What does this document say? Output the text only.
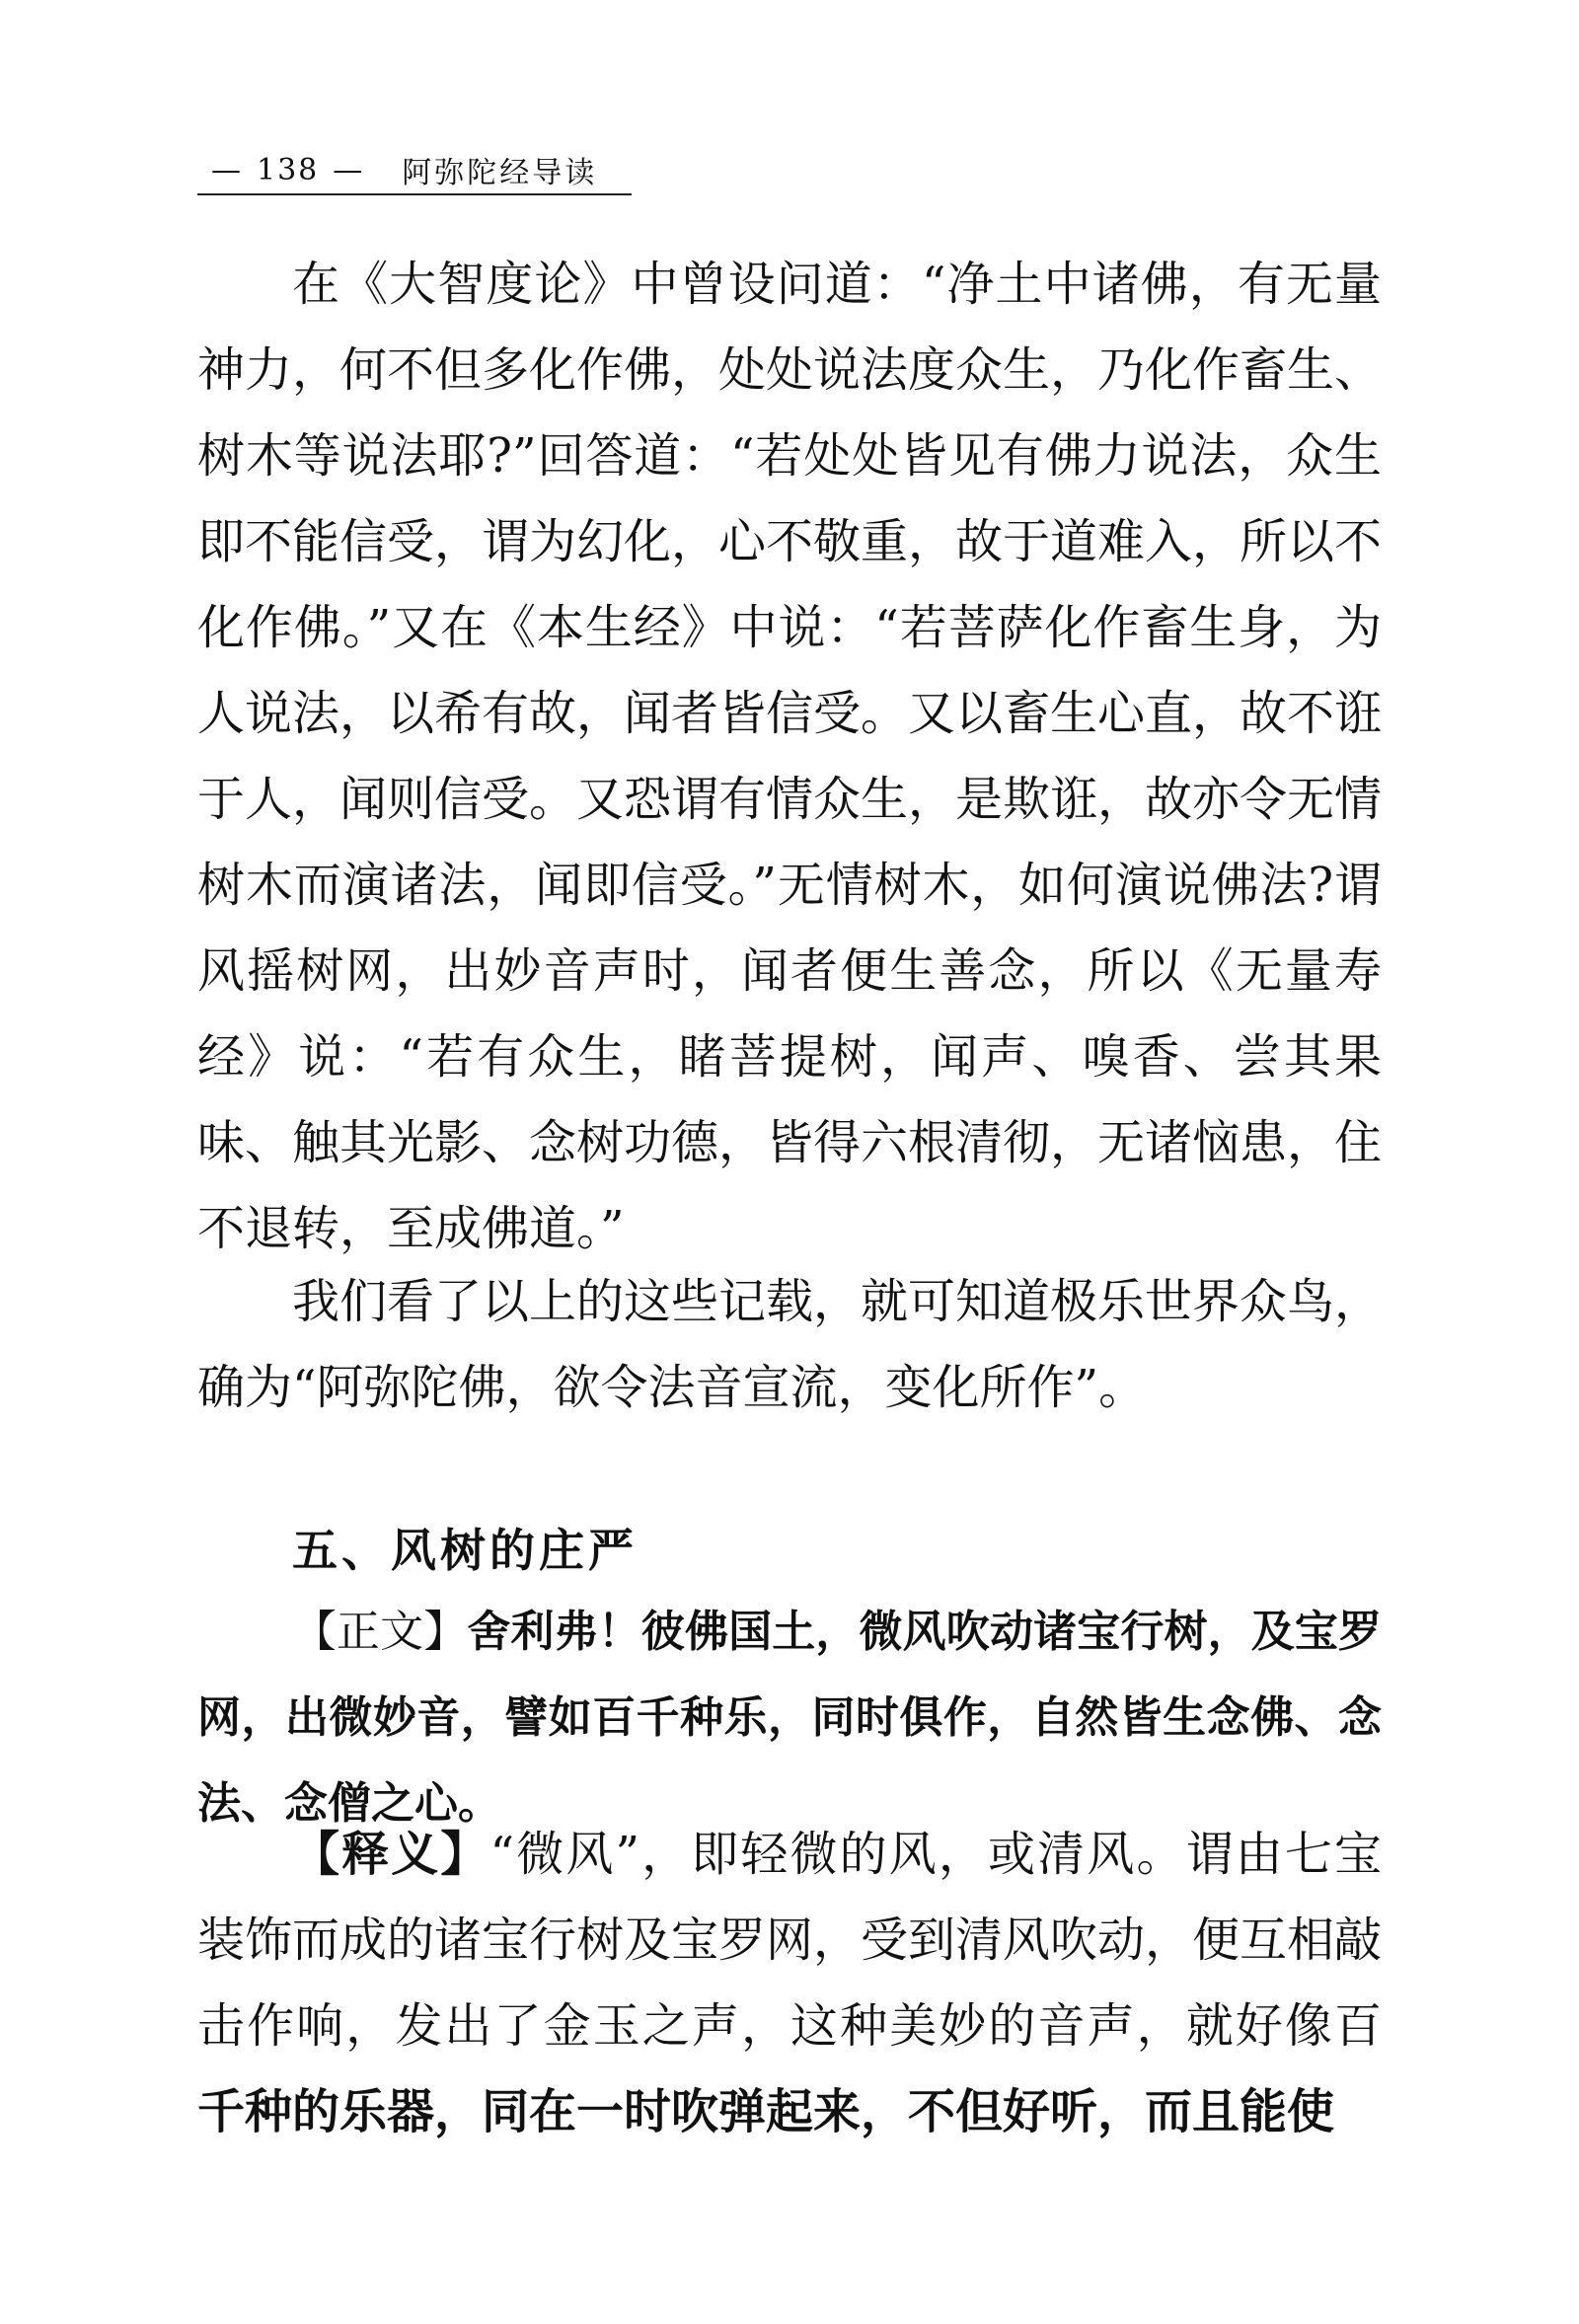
— 138 — 阿弥陀经导读

在《大智度论》中曾设问道：“净土中诸佛，有无量神力，何不但多化作佛，处处说法度众生，乃化作畜生、树木等说法耶?”回答道：“若处处皆见有佛力说法，众生即不能信受，谓为幻化，心不敬重，故于道难入，所以不化作佛。”又在《本生经》中说：“若菩萨化作畜生身，为人说法，以希有故，闻者皆信受。又以畜生心直，故不诳于人，闻则信受。又恐谓有情众生，是欺诳，故亦令无情树木而演诸法，闻即信受。”无情树木，如何演说佛法?谓风摇树网，出妙音声时，闻者便生善念，所以《无量寿经》说：“若有众生，睹菩提树，闻声、嗅香、尝其果味、触其光影、念树功德，皆得六根清彻，无诸恼患，住不退转，至成佛道。”

我们看了以上的这些记载，就可知道极乐世界众鸟，确为“阿弥陀佛，欲令法音宣流，变化所作”。

五、风树的庄严

【正文】舍利弗！彼佛国土，微风吹动诸宝行树，及宝罗网，出微妙音，譬如百千种乐，同时俱作，自然皆生念佛、念法、念僧之心。

【释义】“微风”，即轻微的风，或清风。谓由七宝装饰而成的诸宝行树及宝罗网，受到清风吹动，便互相敲击作响，发出了金玉之声，这种美妙的音声，就好像百千种的乐器，同在一时吹弹起来，不但好听，而且能使
